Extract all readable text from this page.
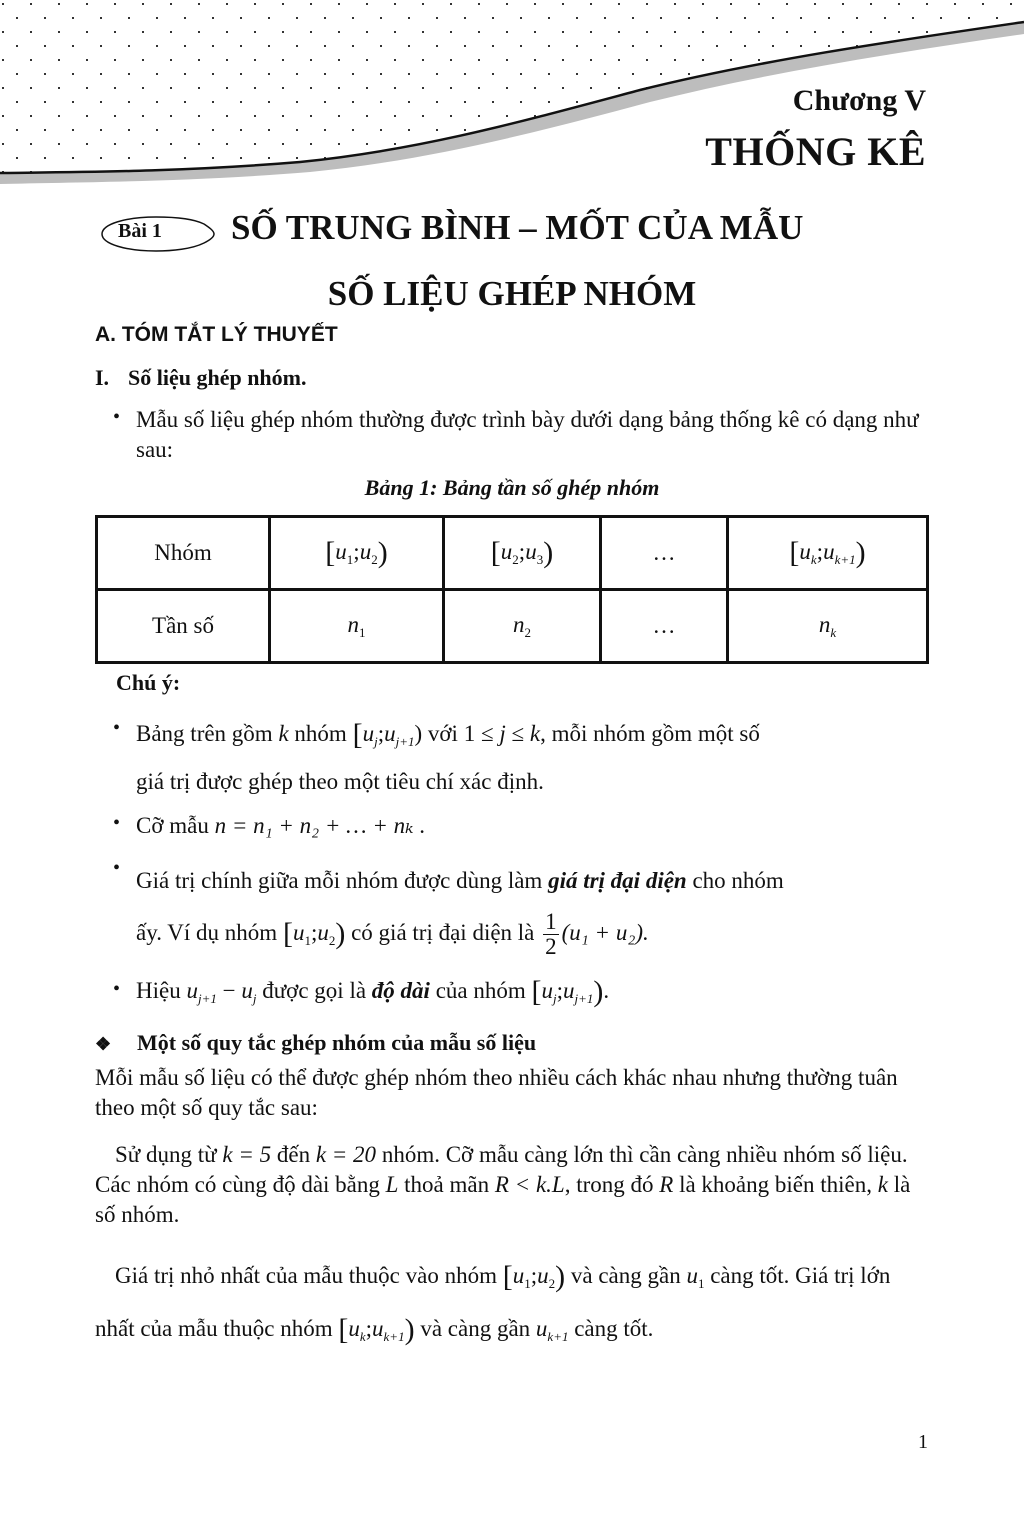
Chương V
THỐNG KÊ
Bài 1 SỐ TRUNG BÌNH – MỐT CỦA MẪU
SỐ LIỆU GHÉP NHÓM
A. TÓM TẮT LÝ THUYẾT
I. Số liệu ghép nhóm.
• Mẫu số liệu ghép nhóm thường được trình bày dưới dạng bảng thống kê có dạng như sau:
Bảng 1: Bảng tần số ghép nhóm
Nhóm	$[u_1;u_2)$	$[u_2;u_3)$	…	$[u_k;u_{k+1})$
Tần số	$n_1$	$n_2$	…	$n_k$
Chú ý:
• Bảng trên gồm k nhóm $[u_j;u_{j+1})$ với 1 ≤ j ≤ k, mỗi nhóm gồm một số
giá trị được ghép theo một tiêu chí xác định.
• Cỡ mẫu n = n₁ + n₂ + … + nₖ .
• Giá trị chính giữa mỗi nhóm được dùng làm giá trị đại diện cho nhóm
ấy. Ví dụ nhóm $[u_1;u_2)$ có giá trị đại diện là $\frac{1}{2} (u_1 + u_2)$.
• Hiệu $u_{j+1} - u_j$ được gọi là độ dài của nhóm $[u_j;u_{j+1})$.
❖ Một số quy tắc ghép nhóm của mẫu số liệu
Mỗi mẫu số liệu có thể được ghép nhóm theo nhiều cách khác nhau nhưng thường tuân theo một số quy tắc sau:
Sử dụng từ k = 5 đến k = 20 nhóm. Cỡ mẫu càng lớn thì cần càng nhiều nhóm số liệu. Các nhóm có cùng độ dài bằng L thoả mãn R < k.L, trong đó R là khoảng biến thiên, k là số nhóm.
Giá trị nhỏ nhất của mẫu thuộc vào nhóm $[u_1;u_2)$ và càng gần $u_1$ càng tốt. Giá trị lớn nhất của mẫu thuộc nhóm $[u_k;u_{k+1})$ và càng gần $u_{k+1}$ càng tốt.
1
